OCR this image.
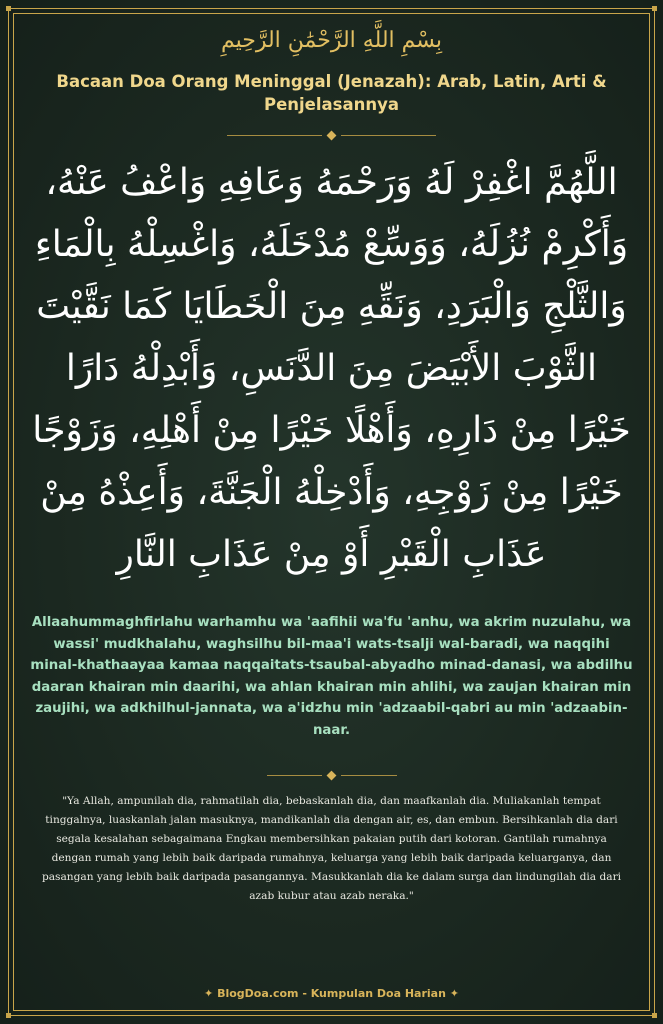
بِسْمِ اللَّهِ الرَّحْمَٰنِ الرَّحِيمِ
Bacaan Doa Orang Meninggal (Jenazah): Arab, Latin, Arti & Penjelasannya
اللَّهُمَّ اغْفِرْ لَهُ وَرَحْمَهُ وَعَافِهِ وَاعْفُ عَنْهُ، وَأَكْرِمْ نُزُلَهُ، وَوَسِّعْ مُدْخَلَهُ، وَاغْسِلْهُ بِالْمَاءِ وَالثَّلْجِ وَالْبَرَدِ، وَنَقِّهِ مِنَ الْخَطَايَا كَمَا نَقَّيْتَ الثَّوْبَ الأَبْيَضَ مِنَ الدَّنَسِ، وَأَبْدِلْهُ دَارًا خَيْرًا مِنْ دَارِهِ، وَأَهْلًا خَيْرًا مِنْ أَهْلِهِ، وَزَوْجًا خَيْرًا مِنْ زَوْجِهِ، وَأَدْخِلْهُ الْجَنَّةَ، وَأَعِذْهُ مِنْ عَذَابِ الْقَبْرِ أَوْ مِنْ عَذَابِ النَّارِ
Allaahummaghfirlahu warhamhu wa 'aafihii wa'fu 'anhu, wa akrim nuzulahu, wa wassi' mudkhalahu, waghsilhu bil-maa'i wats-tsalji wal-baradi, wa naqqihi minal-khathaayaa kamaa naqqaitats-tsaubal-abyadho minad-danasi, wa abdilhu daaran khairan min daarihi, wa ahlan khairan min ahlihi, wa zaujan khairan min zaujihi, wa adkhilhul-jannata, wa a'idzhu min 'adzaabil-qabri au min 'adzaabin-naar.
"Ya Allah, ampunilah dia, rahmatilah dia, bebaskanlah dia, dan maafkanlah dia. Muliakanlah tempat tinggalnya, luaskanlah jalan masuknya, mandikanlah dia dengan air, es, dan embun. Bersihkanlah dia dari segala kesalahan sebagaimana Engkau membersihkan pakaian putih dari kotoran. Gantilah rumahnya dengan rumah yang lebih baik daripada rumahnya, keluarga yang lebih baik daripada keluarganya, dan pasangan yang lebih baik daripada pasangannya. Masukkanlah dia ke dalam surga dan lindungilah dia dari azab kubur atau azab neraka."
✦ BlogDoa.com - Kumpulan Doa Harian ✦
